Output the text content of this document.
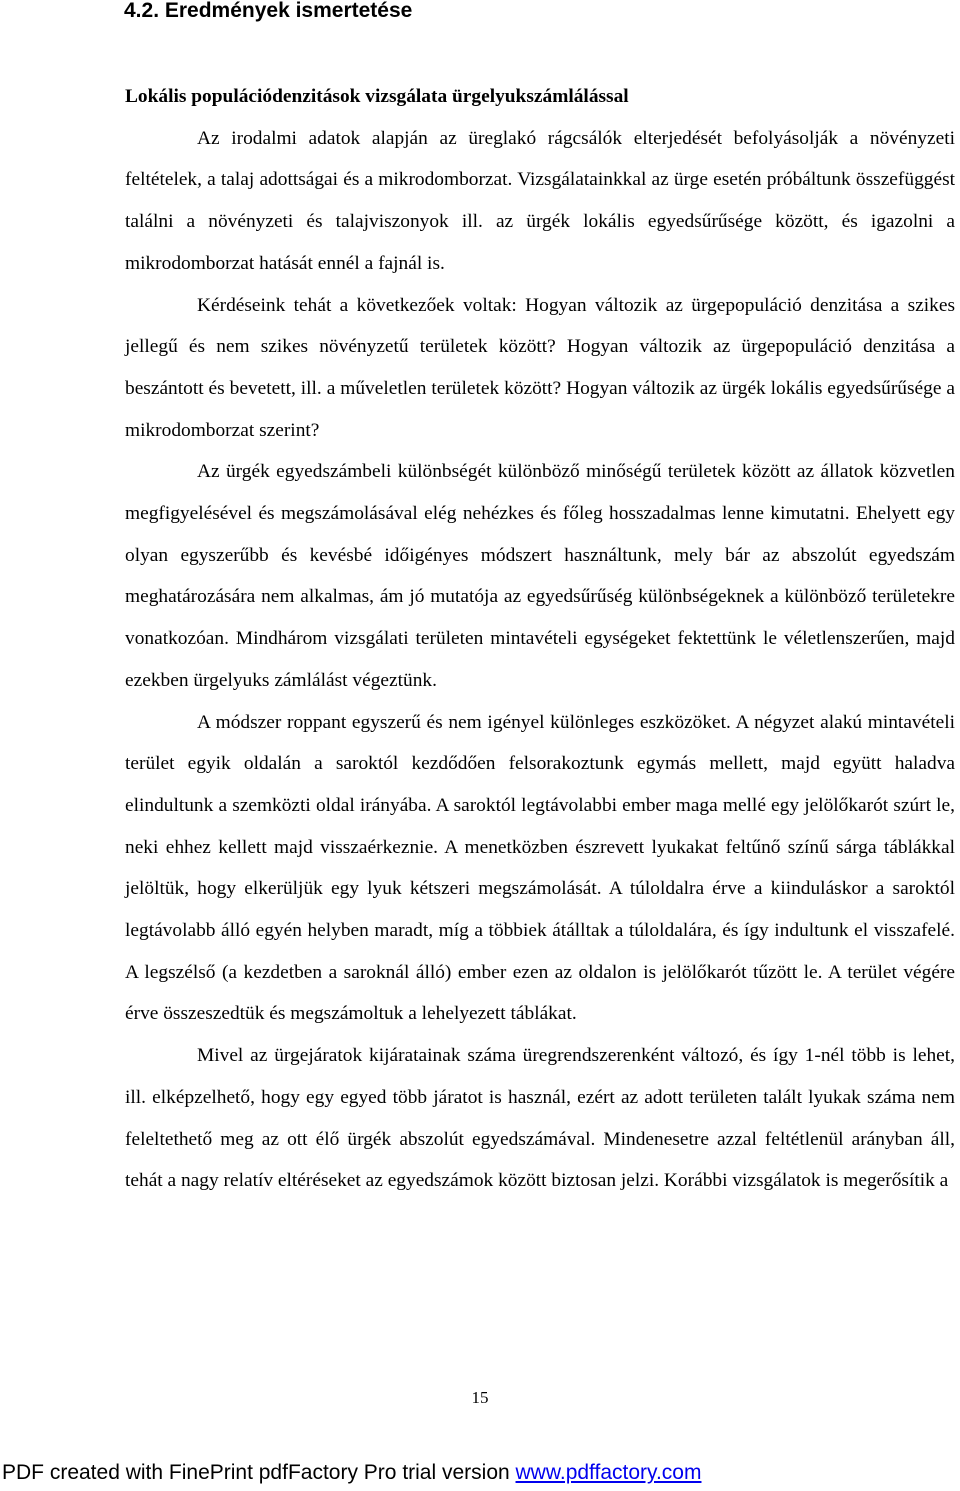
4.2. Eredmények ismertetése

Lokális populációdenzitások vizsgálata ürgelyukszámlálással

Az irodalmi adatok alapján az üreglakó rágcsálók elterjedését befolyásolják a növényzeti feltételek, a talaj adottságai és a mikrodomborzat. Vizsgálatainkkal az ürge esetén próbáltunk összefüggést találni a növényzeti és talajviszonyok ill. az ürgék lokális egyedsűrűsége között, és igazolni a mikrodomborzat hatását ennél a fajnál is.

Kérdéseink tehát a következőek voltak: Hogyan változik az ürgepopuláció denzitása a szikes jellegű és nem szikes növényzetű területek között? Hogyan változik az ürgepopuláció denzitása a beszántott és bevetett, ill. a műveletlen területek között? Hogyan változik az ürgék lokális egyedsűrűsége a mikrodomborzat szerint?

Az ürgék egyedszámbeli különbségét különböző minőségű területek között az állatok közvetlen megfigyelésével és megszámolásával elég nehézkes és főleg hosszadalmas lenne kimutatni. Ehelyett egy olyan egyszerűbb és kevésbé időigényes módszert használtunk, mely bár az abszolút egyedszám meghatározására nem alkalmas, ám jó mutatója az egyedsűrűség különbségeknek a különböző területekre vonatkozóan. Mindhárom vizsgálati területen mintavételi egységeket fektettünk le véletlenszerűen, majd ezekben ürgelyuks zámlálást végeztünk.

A módszer roppant egyszerű és nem igényel különleges eszközöket. A négyzet alakú mintavételi terület egyik oldalán a saroktól kezdődően felsorakoztunk egymás mellett, majd együtt haladva elindultunk a szemközti oldal irányába. A saroktól legtávolabbi ember maga mellé egy jelölőkarót szúrt le, neki ehhez kellett majd visszaérkeznie. A menetközben észrevett lyukakat feltűnő színű sárga táblákkal jelöltük, hogy elkerüljük egy lyuk kétszeri megszámolását. A túloldalra érve a kiinduláskor a saroktól legtávolabb álló egyén helyben maradt, míg a többiek átálltak a túloldalára, és így indultunk el visszafelé. A legszélső (a kezdetben a saroknál álló) ember ezen az oldalon is jelölőkarót tűzött le. A terület végére érve összeszedtük és megszámoltuk a lehelyezett táblákat.

Mivel az ürgejáratok kijáratainak száma üregrendszerenként változó, és így 1-nél több is lehet, ill. elképzelhető, hogy egy egyed több járatot is használ, ezért az adott területen talált lyukak száma nem feleltethető meg az ott élő ürgék abszolút egyedszámával. Mindenesetre azzal feltétlenül arányban áll, tehát a nagy relatív eltéréseket az egyedszámok között biztosan jelzi. Korábbi vizsgálatok is megerősítik a

15
PDF created with FinePrint pdfFactory Pro trial version www.pdffactory.com
